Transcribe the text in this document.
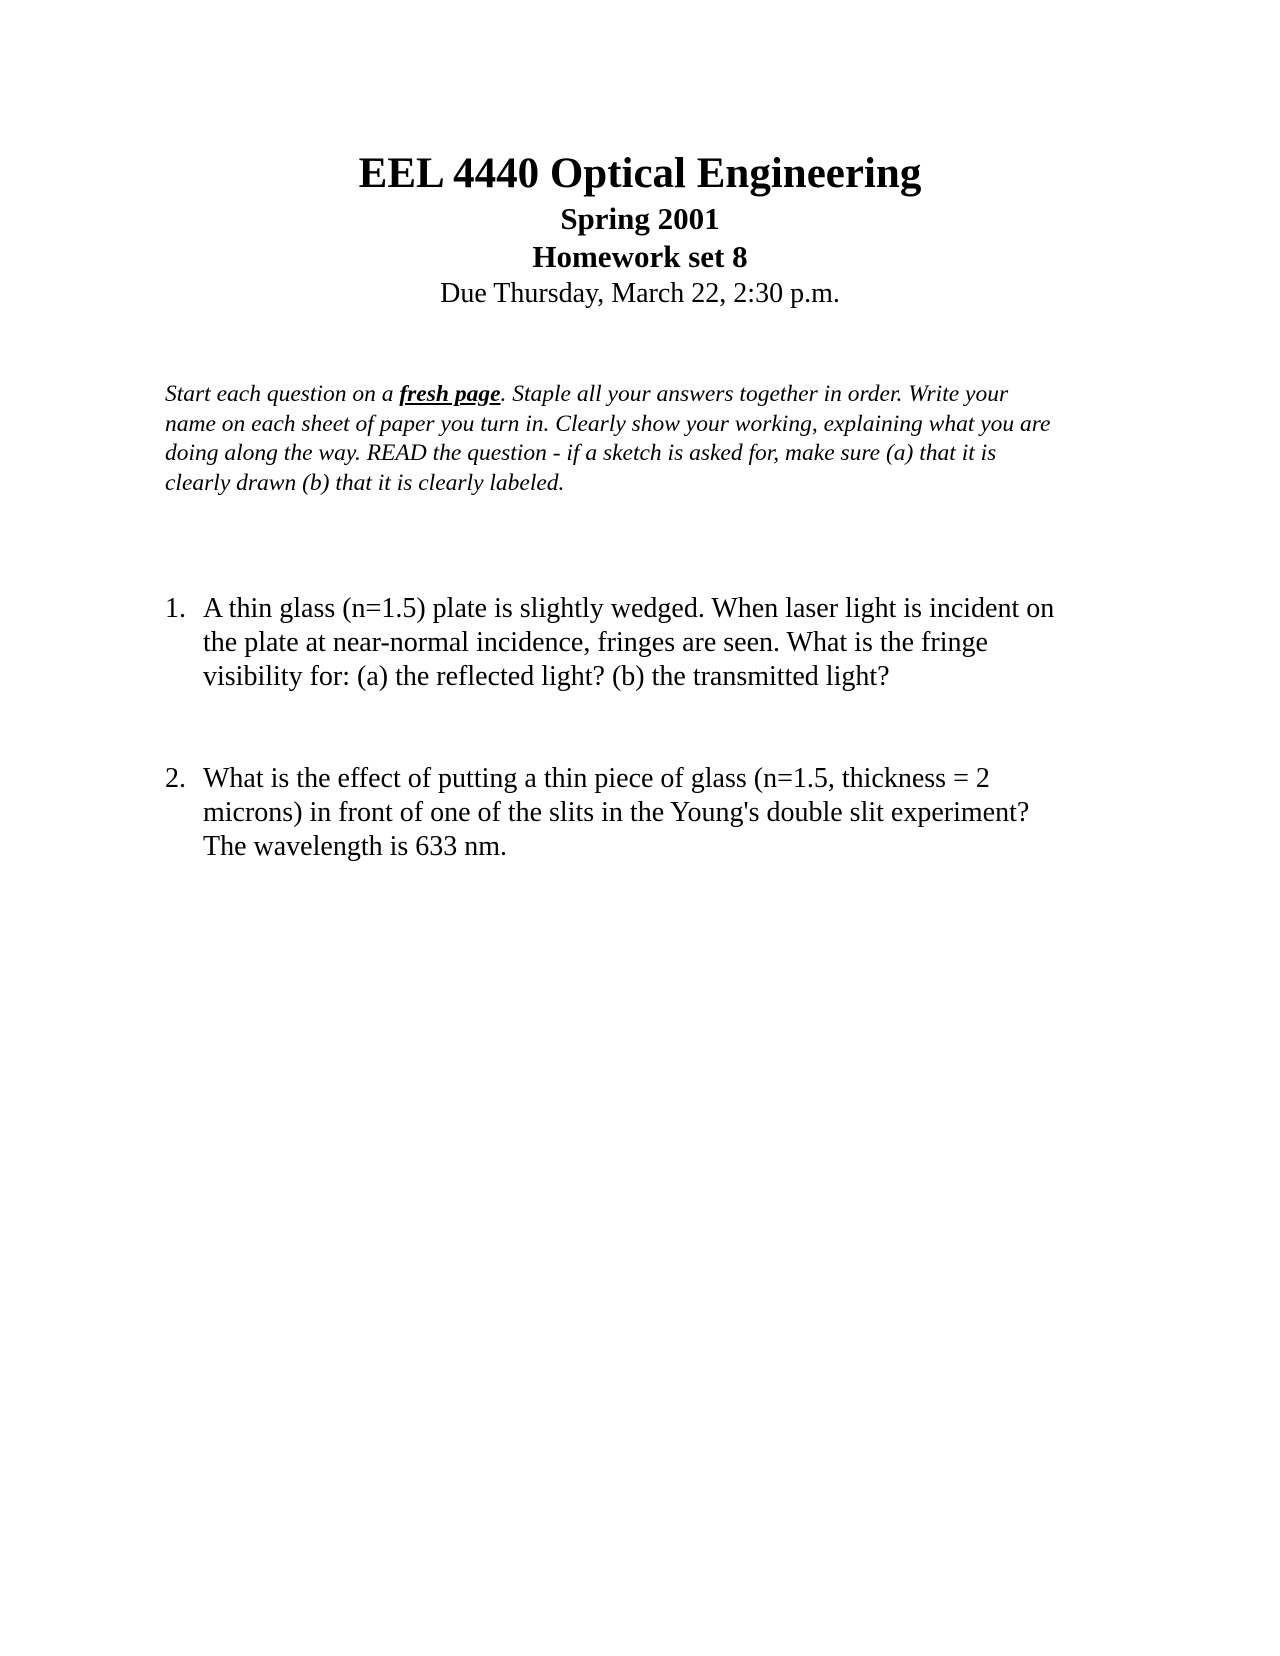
EEL 4440 Optical Engineering
Spring 2001
Homework set 8
Due Thursday, March 22, 2:30 p.m.
Start each question on a fresh page. Staple all your answers together in order. Write your
name on each sheet of paper you turn in. Clearly show your working, explaining what you are
doing along the way. READ the question - if a sketch is asked for, make sure (a) that it is
clearly drawn (b) that it is clearly labeled.
1. A thin glass (n=1.5) plate is slightly wedged. When laser light is incident on
the plate at near-normal incidence, fringes are seen. What is the fringe
visibility for: (a) the reflected light? (b) the transmitted light?
2. What is the effect of putting a thin piece of glass (n=1.5, thickness = 2
microns) in front of one of the slits in the Young's double slit experiment?
The wavelength is 633 nm.
